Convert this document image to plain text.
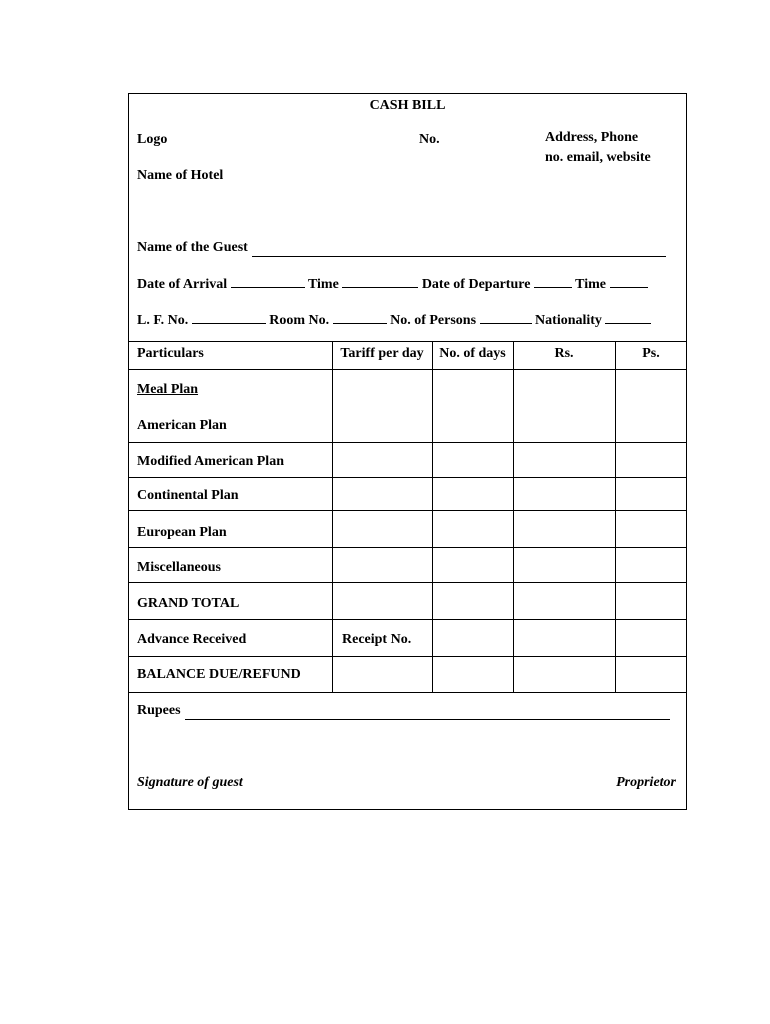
CASH BILL
Logo	No.	Address, Phone
no. email, website
Name of Hotel
Name of the Guest
Date of Arrival	Time	Date of Departure	Time
L. F. No.	Room No.	No. of Persons	Nationality
Particulars	Tariff per day	No. of days	Rs.	Ps.
Meal Plan
American Plan
Modified American Plan
Continental Plan
European Plan
Miscellaneous
GRAND TOTAL
Advance Received	Receipt No.
BALANCE DUE/REFUND
Rupees
Signature of guest	Proprietor
